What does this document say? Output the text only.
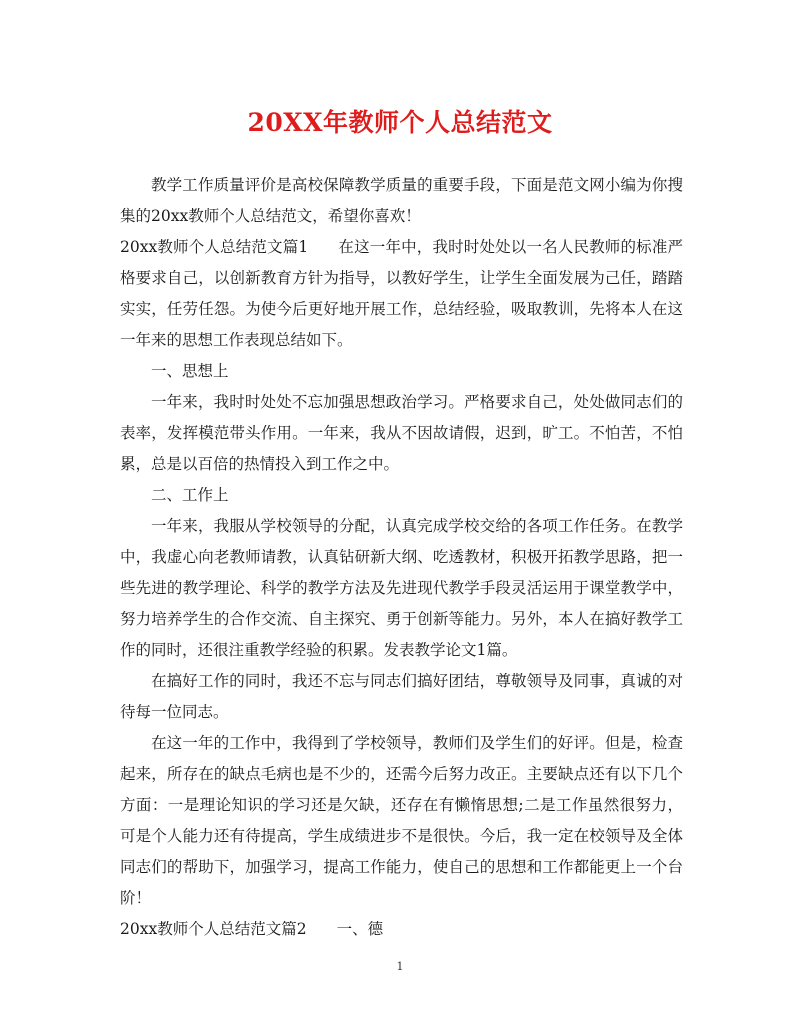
20XX年教师个人总结范文

教学工作质量评价是高校保障教学质量的重要手段，下面是范文网小编为你搜集的20xx教师个人总结范文，希望你喜欢！

20xx教师个人总结范文篇1 在这一年中，我时时处处以一名人民教师的标准严格要求自己，以创新教育方针为指导，以教好学生，让学生全面发展为己任，踏踏实实，任劳任怨。为使今后更好地开展工作，总结经验，吸取教训，先将本人在这一年来的思想工作表现总结如下。

一、思想上

一年来，我时时处处不忘加强思想政治学习。严格要求自己，处处做同志们的表率，发挥模范带头作用。一年来，我从不因故请假，迟到，旷工。不怕苦，不怕累，总是以百倍的热情投入到工作之中。

二、工作上

一年来，我服从学校领导的分配，认真完成学校交给的各项工作任务。在教学中，我虚心向老教师请教，认真钻研新大纲、吃透教材，积极开拓教学思路，把一些先进的教学理论、科学的教学方法及先进现代教学手段灵活运用于课堂教学中，努力培养学生的合作交流、自主探究、勇于创新等能力。另外，本人在搞好教学工作的同时，还很注重教学经验的积累。发表教学论文1篇。

在搞好工作的同时，我还不忘与同志们搞好团结，尊敬领导及同事，真诚的对待每一位同志。

在这一年的工作中，我得到了学校领导，教师们及学生们的好评。但是，检查起来，所存在的缺点毛病也是不少的，还需今后努力改正。主要缺点还有以下几个方面：一是理论知识的学习还是欠缺，还存在有懒惰思想;二是工作虽然很努力，可是个人能力还有待提高，学生成绩进步不是很快。今后，我一定在校领导及全体同志们的帮助下，加强学习，提高工作能力，使自己的思想和工作都能更上一个台阶！

20xx教师个人总结范文篇2 一、德

1
